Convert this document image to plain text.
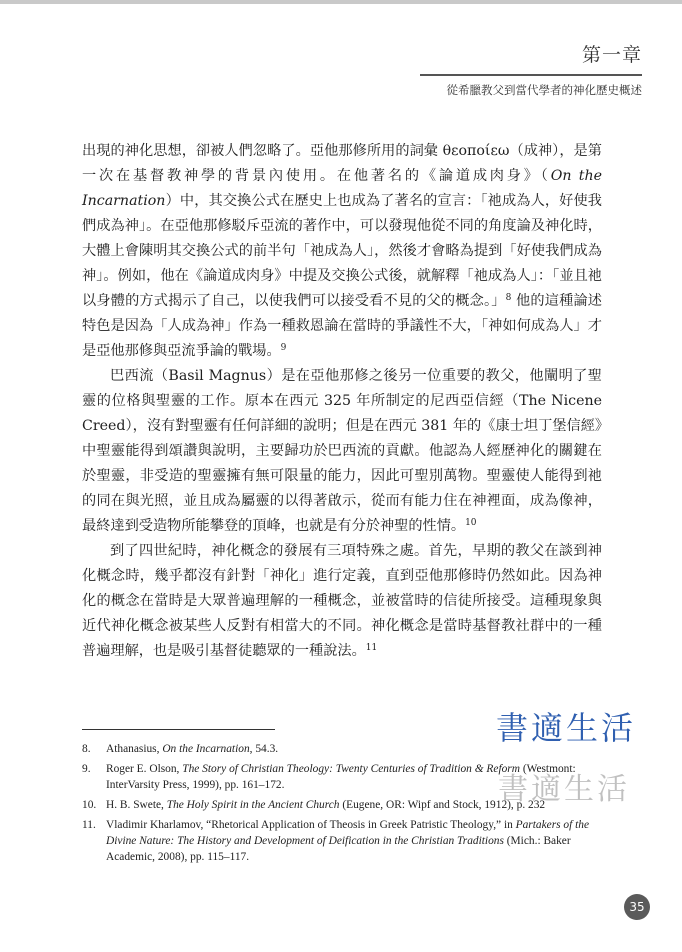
第一章
從希臘教父到當代學者的神化歷史概述

出現的神化思想，卻被人們忽略了。亞他那修所用的詞彙 θεοποίεω（成神），是第一次在基督教神學的背景內使用。在他著名的《論道成肉身》（On the Incarnation）中，其交換公式在歷史上也成為了著名的宣言：「祂成為人，好使我們成為神」。在亞他那修駁斥亞流的著作中，可以發現他從不同的角度論及神化時，大體上會陳明其交換公式的前半句「祂成為人」，然後才會略為提到「好使我們成為神」。例如，他在《論道成肉身》中提及交換公式後，就解釋「祂成為人」：「並且祂以身體的方式揭示了自己，以使我們可以接受看不見的父的概念。」$^8$ 他的這種論述特色是因為「人成為神」作為一種救恩論在當時的爭議性不大，「神如何成為人」才是亞他那修與亞流爭論的戰場。$^9$

巴西流（Basil Magnus）是在亞他那修之後另一位重要的教父，他闡明了聖靈的位格與聖靈的工作。原本在西元 325 年所制定的尼西亞信經（The Nicene Creed），沒有對聖靈有任何詳細的說明；但是在西元 381 年的《康士坦丁堡信經》中聖靈能得到頌讚與說明，主要歸功於巴西流的貢獻。他認為人經歷神化的關鍵在於聖靈，非受造的聖靈擁有無可限量的能力，因此可聖別萬物。聖靈使人能得到祂的同在與光照，並且成為屬靈的以得著啟示，從而有能力住在神裡面，成為像神，最終達到受造物所能攀登的頂峰，也就是有分於神聖的性情。$^{10}$

到了四世紀時，神化概念的發展有三項特殊之處。首先，早期的教父在談到神化概念時，幾乎都沒有針對「神化」進行定義，直到亞他那修時仍然如此。因為神化的概念在當時是大眾普遍理解的一種概念，並被當時的信徒所接受。這種現象與近代神化概念被某些人反對有相當大的不同。神化概念是當時基督教社群中的一種普遍理解，也是吸引基督徒聽眾的一種說法。$^{11}$

8. Athanasius, On the Incarnation, 54.3.
9. Roger E. Olson, The Story of Christian Theology: Twenty Centuries of Tradition & Reform (Westmont: InterVarsity Press, 1999), pp. 161–172.
10. H. B. Swete, The Holy Spirit in the Ancient Church (Eugene, OR: Wipf and Stock, 1912), p. 232
11. Vladimir Kharlamov, “Rhetorical Application of Theosis in Greek Patristic Theology,” in Partakers of the Divine Nature: The History and Development of Deification in the Christian Traditions (Mich.: Baker Academic, 2008), pp. 115–117.
書適生活
書適生活
35
